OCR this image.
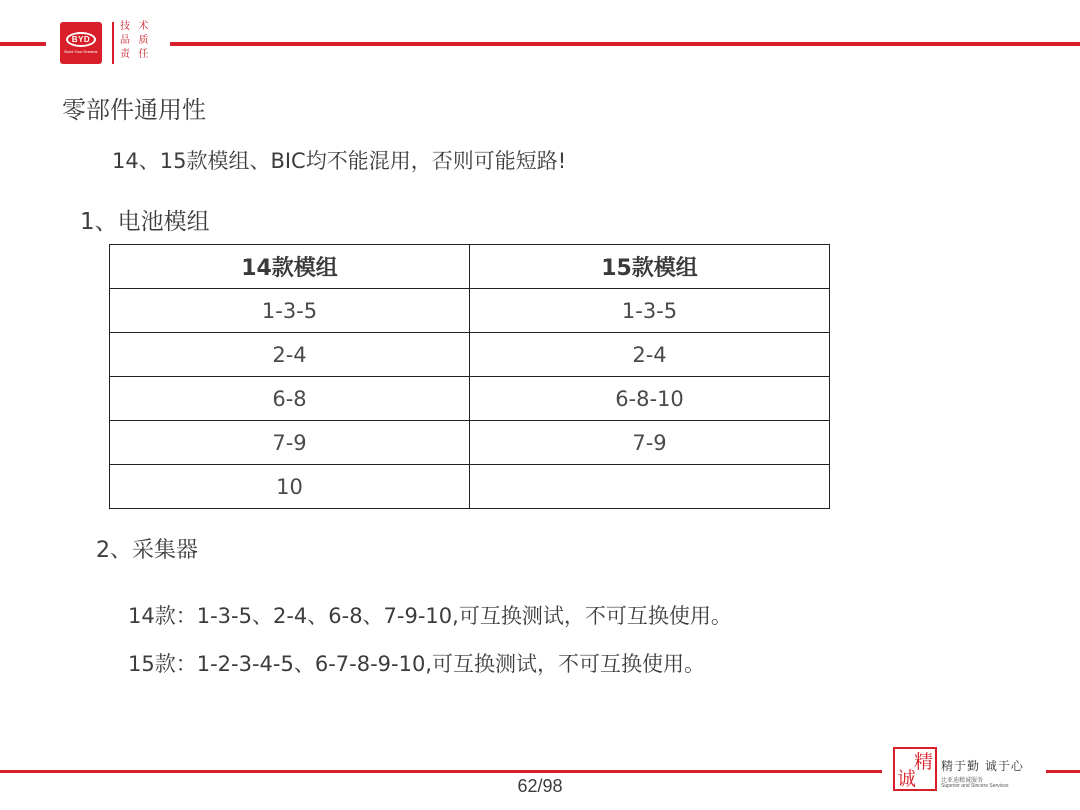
BYD
Build Your Dreams
技 术
品 质
责 任
零部件通用性
14、15款模组、BIC均不能混用，否则可能短路!
1、电池模组
14款模组	15款模组
1-3-5	1-3-5
2-4	2-4
6-8	6-8-10
7-9	7-9
10	
2、采集器
14款：1-3-5、2-4、6-8、7-9-10,可互换测试，不可互换使用。
15款：1-2-3-4-5、6-7-8-9-10,可互换测试，不可互换使用。
62/98
精
诚
精于勤 诚于心
比亚迪精诚服务
Superior and Sincere Services
